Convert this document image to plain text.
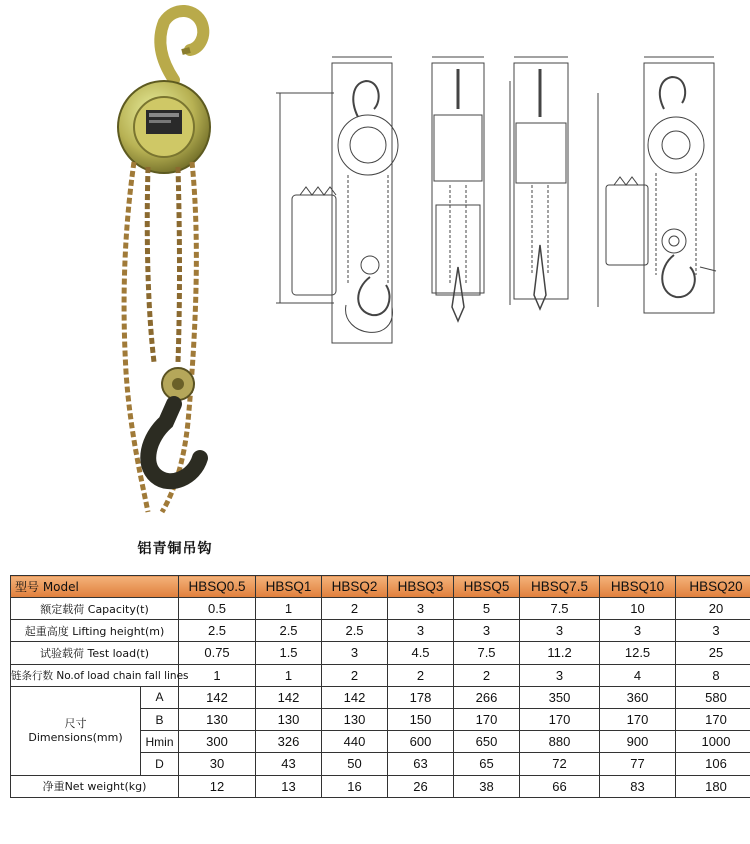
铝青铜吊钩
型号 Model		HBSQ0.5	HBSQ1	HBSQ2	HBSQ3	HBSQ5	HBSQ7.5	HBSQ10	HBSQ20
额定载荷 Capacity(t)		0.5	1	2	3	5	7.5	10	20
起重高度 Lifting height(m)		2.5	2.5	2.5	3	3	3	3	3
试验载荷 Test load(t)		0.75	1.5	3	4.5	7.5	11.2	12.5	25
链条行数 No.of load chain fall lines		1	1	2	2	2	3	4	8
尺寸
Dimensions(mm)	A	142	142	142	178	266	350	360	580
	B	130	130	130	150	170	170	170	170
	Hmin	300	326	440	600	650	880	900	1000
	D	30	43	50	63	65	72	77	106
净重Net weight(kg)		12	13	16	26	38	66	83	180
